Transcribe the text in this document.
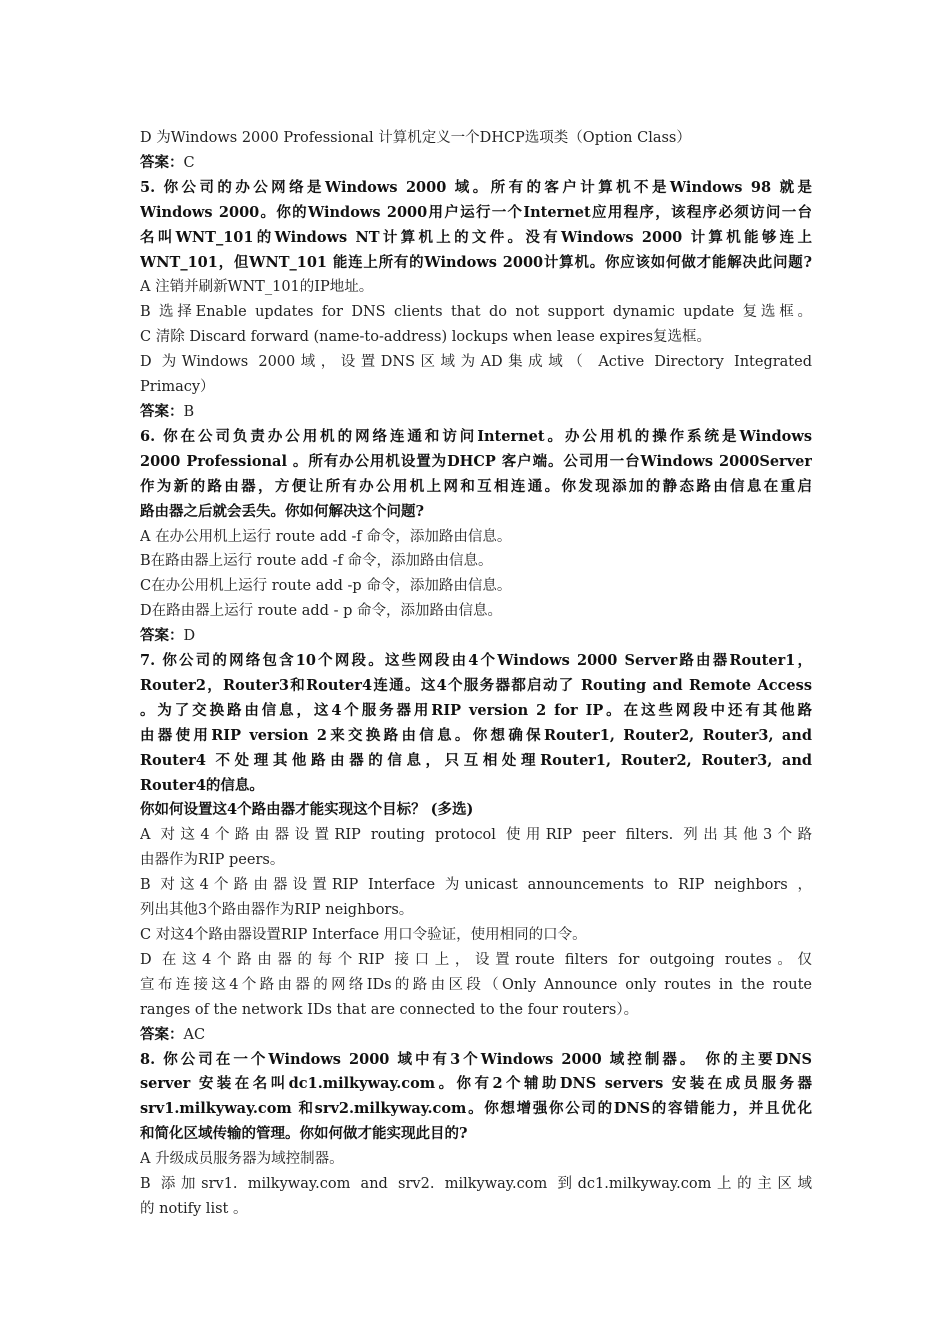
D 为Windows 2000 Professional 计算机定义一个DHCP选项类（Option Class）
答案：C
5. 你公司的办公网络是Windows 2000 域。所有的客户计算机不是Windows 98 就是
Windows 2000。你的Windows 2000用户运行一个Internet应用程序，该程序必须访问一台
名叫WNT_101的Windows NT计算机上的文件。没有Windows 2000 计算机能够连上
WNT_101，但WNT_101 能连上所有的Windows 2000计算机。你应该如何做才能解决此问题?
A 注销并刷新WNT_101的IP地址。
B 选择Enable updates for DNS clients that do not support dynamic update 复选框。
C 清除 Discard forward (name-to-address) lockups when lease expires复选框。
D 为Windows 2000域，设置DNS区域为AD集成域（ Active Directory Integrated
Primacy）
答案：B
6. 你在公司负责办公用机的网络连通和访问Internet。办公用机的操作系统是Windows
2000 Professional 。所有办公用机设置为DHCP 客户端。公司用一台Windows 2000Server
作为新的路由器，方便让所有办公用机上网和互相连通。你发现添加的静态路由信息在重启
路由器之后就会丢失。你如何解决这个问题?
A 在办公用机上运行 route add -f 命令，添加路由信息。
B在路由器上运行 route add -f 命令，添加路由信息。
C在办公用机上运行 route add -p 命令，添加路由信息。
D在路由器上运行 route add - p 命令，添加路由信息。
答案：D
7. 你公司的网络包含10个网段。这些网段由4个Windows 2000 Server路由器Router1，
Router2，Router3和Router4连通。这4个服务器都启动了 Routing and Remote Access
。为了交换路由信息，这4个服务器用RIP version 2 for IP。在这些网段中还有其他路
由器使用RIP version 2来交换路由信息。你想确保Router1, Router2, Router3, and
Router4 不处理其他路由器的信息，只互相处理Router1, Router2, Router3, and
Router4的信息。
你如何设置这4个路由器才能实现这个目标？ (多选)
A 对这4个路由器设置RIP routing protocol 使用RIP peer filters. 列出其他3个路
由器作为RIP peers。
B 对这4个路由器设置RIP Interface 为unicast announcements to RIP neighbors ，
列出其他3个路由器作为RIP neighbors。
C 对这4个路由器设置RIP Interface 用口令验证，使用相同的口令。
D 在这4个路由器的每个RIP 接口上，设置route filters for outgoing routes。仅
宣布连接这4个路由器的网络IDs的路由区段（Only Announce only routes in the route
ranges of the network IDs that are connected to the four routers）。
答案：AC
8. 你公司在一个Windows 2000 域中有3个Windows 2000 域控制器。 你的主要DNS
server 安装在名叫dc1.milkyway.com。你有2个辅助DNS servers 安装在成员服务器
srv1.milkyway.com 和srv2.milkyway.com。你想增强你公司的DNS的容错能力，并且优化
和简化区域传输的管理。你如何做才能实现此目的?
A 升级成员服务器为域控制器。
B 添加srv1. milkyway.com and srv2. milkyway.com 到dc1.milkyway.com上的主区域
的 notify list 。
